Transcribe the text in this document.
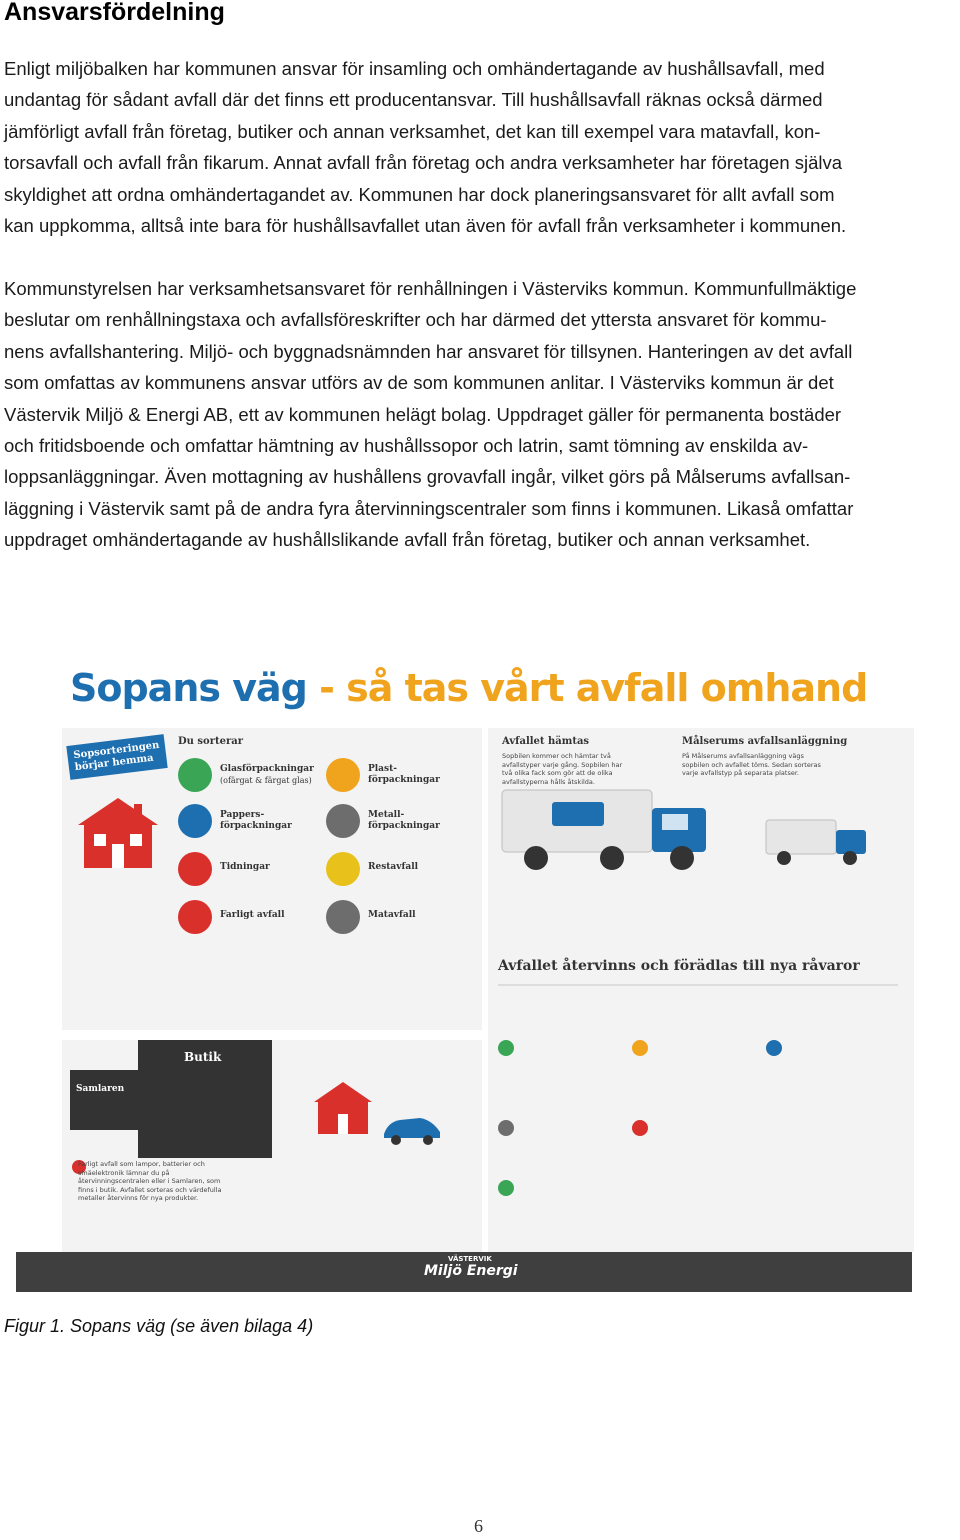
Ansvarsfördelning
Enligt miljöbalken har kommunen ansvar för insamling och omhändertagande av hushållsavfall, med
undantag för sådant avfall där det finns ett producentansvar. Till hushållsavfall räknas också därmed
jämförligt avfall från företag, butiker och annan verksamhet, det kan till exempel vara matavfall, kon-
torsavfall och avfall från fikarum. Annat avfall från företag och andra verksamheter har företagen själva
skyldighet att ordna omhändertagandet av. Kommunen har dock planeringsansvaret för allt avfall som
kan uppkomma, alltså inte bara för hushållsavfallet utan även för avfall från verksamheter i kommunen.
Kommunstyrelsen har verksamhetsansvaret för renhållningen i Västerviks kommun. Kommunfullmäktige
beslutar om renhållningstaxa och avfallsföreskrifter och har därmed det yttersta ansvaret för kommu-
nens avfallshantering. Miljö- och byggnadsnämnden har ansvaret för tillsynen. Hanteringen av det avfall
som omfattas av kommunens ansvar utförs av de som kommunen anlitar. I Västerviks kommun är det
Västervik Miljö & Energi AB, ett av kommunen helägt bolag. Uppdraget gäller för permanenta bostäder
och fritidsboende och omfattar hämtning av hushållssopor och latrin, samt tömning av enskilda av-
loppsanläggningar. Även mottagning av hushållens grovavfall ingår, vilket görs på Målserums avfallsan-
läggning i Västervik samt på de andra fyra återvinningscentraler som finns i kommunen. Likaså omfattar
uppdraget omhändertagande av hushållslikande avfall från företag, butiker och annan verksamhet.
Sopans väg - så tas vårt avfall omhand
Sopsorteringen börjar hemma
Du sorterar
Glasförpackningar
(ofärgat & färgat glas)
Plast-förpackningar
Pappers-förpackningar
Metall-förpackningar
Tidningar	Restavfall
Farligt avfall	Matavfall
Avfallet hämtas
Sopbilen kommer och hämtar två avfallstyper varje gång. Sopbilen har två olika fack som gör att de olika avfallstyperna hålls åtskilda.
Målserums avfallsanläggning
På Målserums avfallsanläggning vägs sopbilen och avfallet töms. Sedan sorteras varje avfallstyp på separata platser.
Avfallet återvinns och förädlas till nya råvaror
Samlaren
Butik
Farligt avfall som lampor, batterier och smäelektronik lämnar du på återvinningscentralen eller i Samlaren, som finns i butik. Avfallet sorteras och värdefulla metaller återvinns för nya produkter.
VÄSTERVIK
Miljö Energi
Figur 1. Sopans väg (se även bilaga 4)
6
